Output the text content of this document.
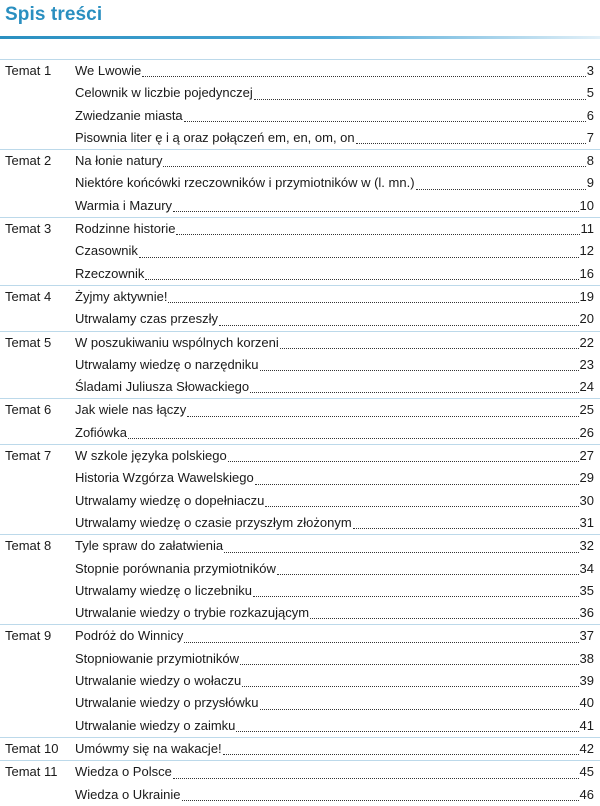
Spis treści
Temat 1	We Lwowie	3
Celownik w liczbie pojedynczej	5
Zwiedzanie miasta	6
Pisownia liter ę i ą oraz połączeń em, en, om, on	7
Temat 2	Na łonie natury	8
Niektóre końcówki rzeczowników i przymiotników w (l. mn.)	9
Warmia i Mazury	10
Temat 3	Rodzinne historie	11
Czasownik	12
Rzeczownik	16
Temat 4	Żyjmy aktywnie!	19
Utrwalamy czas przeszły	20
Temat 5	W poszukiwaniu wspólnych korzeni	22
Utrwalamy wiedzę o narzędniku	23
Śladami Juliusza Słowackiego	24
Temat 6	Jak wiele nas łączy	25
Zofiówka	26
Temat 7	W szkole języka polskiego	27
Historia Wzgórza Wawelskiego	29
Utrwalamy wiedzę o dopełniaczu	30
Utrwalamy wiedzę o czasie przyszłym złożonym	31
Temat 8	Tyle spraw do załatwienia	32
Stopnie porównania przymiotników	34
Utrwalamy wiedzę o liczebniku	35
Utrwalanie wiedzy o trybie rozkazującym	36
Temat 9	Podróż do Winnicy	37
Stopniowanie przymiotników	38
Utrwalanie wiedzy o wołaczu	39
Utrwalanie wiedzy o przysłówku	40
Utrwalanie wiedzy o zaimku	41
Temat 10	Umówmy się na wakacje!	42
Temat 11	Wiedza o Polsce	45
Wiedza o Ukrainie	46
